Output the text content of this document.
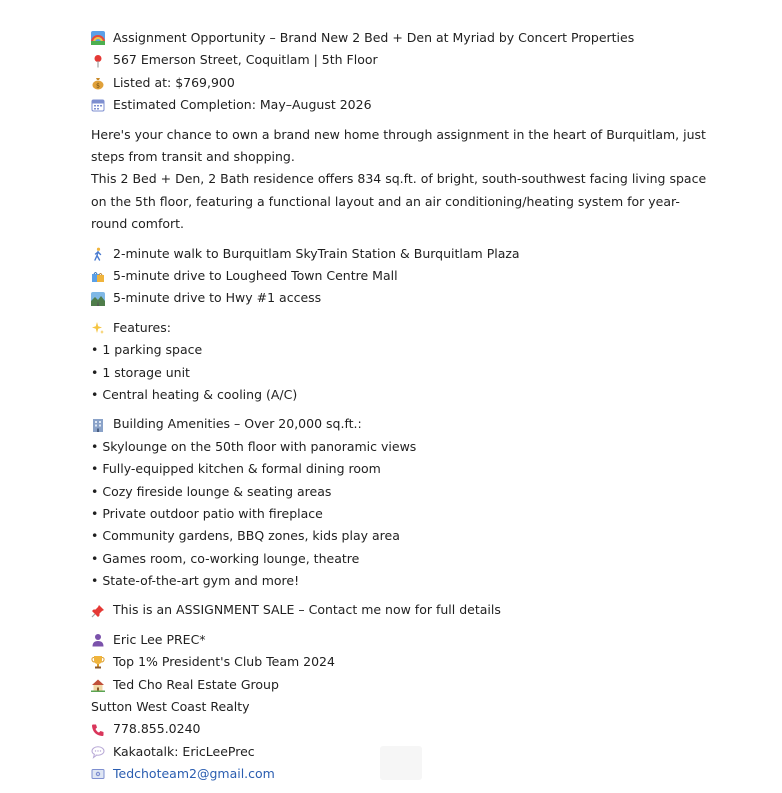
Assignment Opportunity – Brand New 2 Bed + Den at Myriad by Concert Properties
567 Emerson Street, Coquitlam | 5th Floor
$ Listed at: $769,900
Estimated Completion: May–August 2026

Here's your chance to own a brand new home through assignment in the heart of Burquitlam, just steps from transit and shopping.

This 2 Bed + Den, 2 Bath residence offers 834 sq.ft. of bright, south-southwest facing living space on the 5th floor, featuring a functional layout and an air conditioning/heating system for year-round comfort.

2-minute walk to Burquitlam SkyTrain Station & Burquitlam Plaza
5-minute drive to Lougheed Town Centre Mall
5-minute drive to Hwy #1 access
Features:
• 1 parking space
• 1 storage unit
• Central heating & cooling (A/C)
Building Amenities – Over 20,000 sq.ft.:
• Skylounge on the 50th floor with panoramic views
• Fully-equipped kitchen & formal dining room
• Cozy fireside lounge & seating areas
• Private outdoor patio with fireplace
• Community gardens, BBQ zones, kids play area
• Games room, co-working lounge, theatre
• State-of-the-art gym and more!
This is an ASSIGNMENT SALE – Contact me now for full details
Eric Lee PREC*
Top 1% President's Club Team 2024
Ted Cho Real Estate Group
Sutton West Coast Realty
778.855.0240
Kakaotalk: EricLeePrec
Tedchoteam2@gmail.com
